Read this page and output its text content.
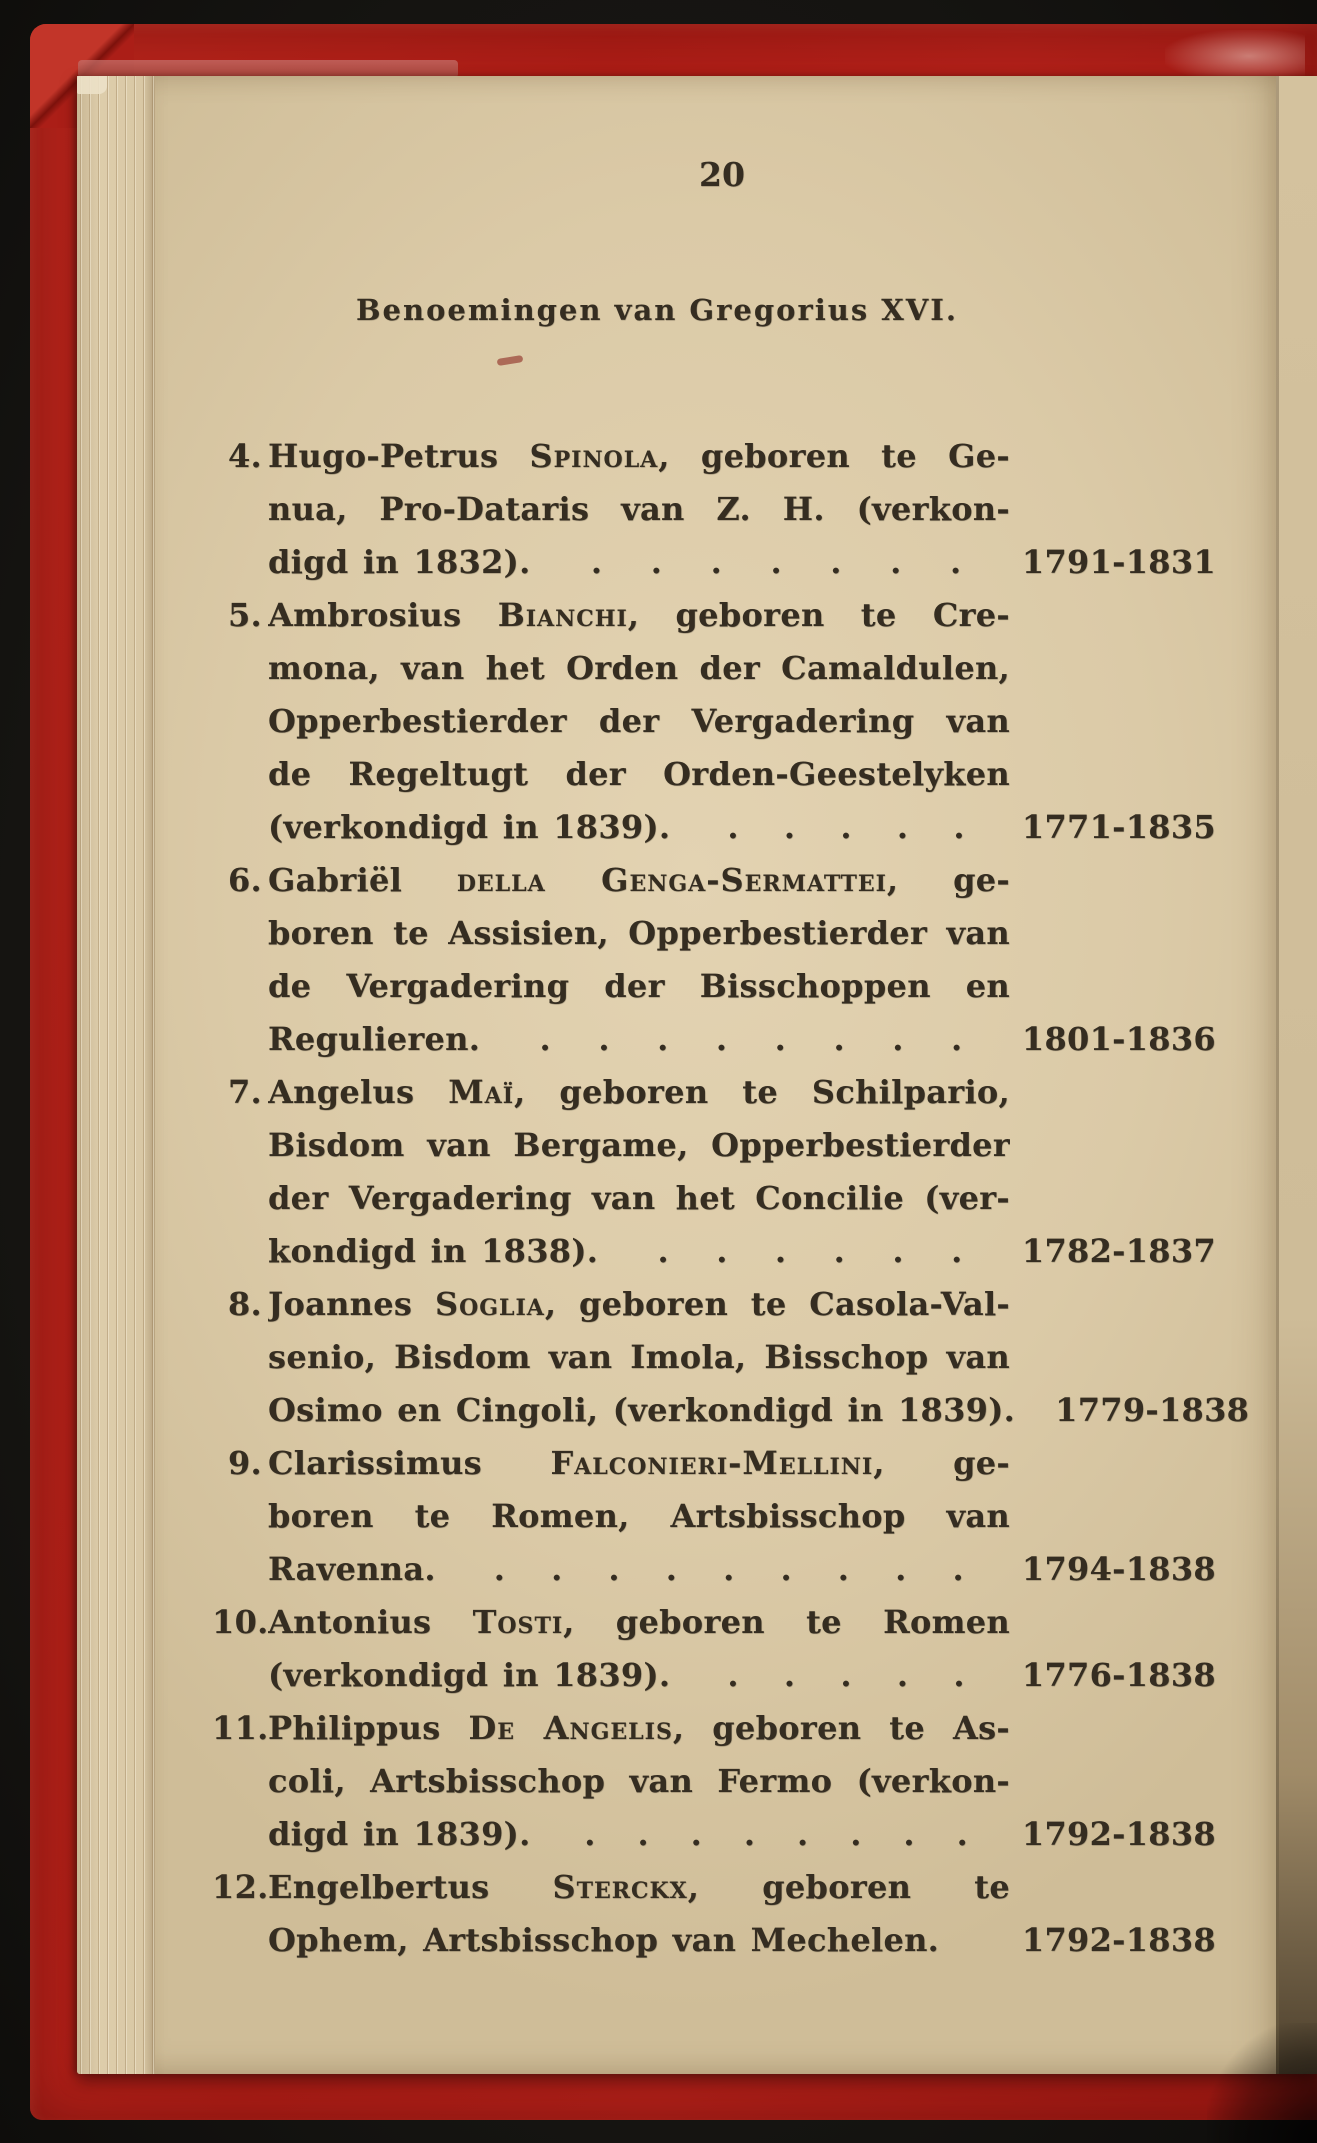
20
Benoemingen van Gregorius XVI.
4. Hugo-Petrus Spinola, geboren te Ge-
nua, Pro-Dataris van Z. H. (verkon-
digd in 1832). . . . . . . . 1791-1831
5. Ambrosius Bianchi, geboren te Cre-
mona, van het Orden der Camaldulen,
Opperbestierder der Vergadering van
de Regeltugt der Orden-Geestelyken
(verkondigd in 1839). . . . . . 1771-1835
6. Gabriël della Genga-Sermattei, ge-
boren te Assisien, Opperbestierder van
de Vergadering der Bisschoppen en
Regulieren. . . . . . . . . 1801-1836
7. Angelus Maï, geboren te Schilpario,
Bisdom van Bergame, Opperbestierder
der Vergadering van het Concilie (ver-
kondigd in 1838). . . . . . . 1782-1837
8. Joannes Soglia, geboren te Casola-Val-
senio, Bisdom van Imola, Bisschop van
Osimo en Cingoli, (verkondigd in 1839). 1779-1838
9. Clarissimus Falconieri-Mellini, ge-
boren te Romen, Artsbisschop van
Ravenna. . . . . . . . . . 1794-1838
10. Antonius Tosti, geboren te Romen
(verkondigd in 1839). . . . . . 1776-1838
11. Philippus De Angelis, geboren te As-
coli, Artsbisschop van Fermo (verkon-
digd in 1839). . . . . . . . . 1792-1838
12. Engelbertus Sterckx, geboren te
Ophem, Artsbisschop van Mechelen.	1792-1838
